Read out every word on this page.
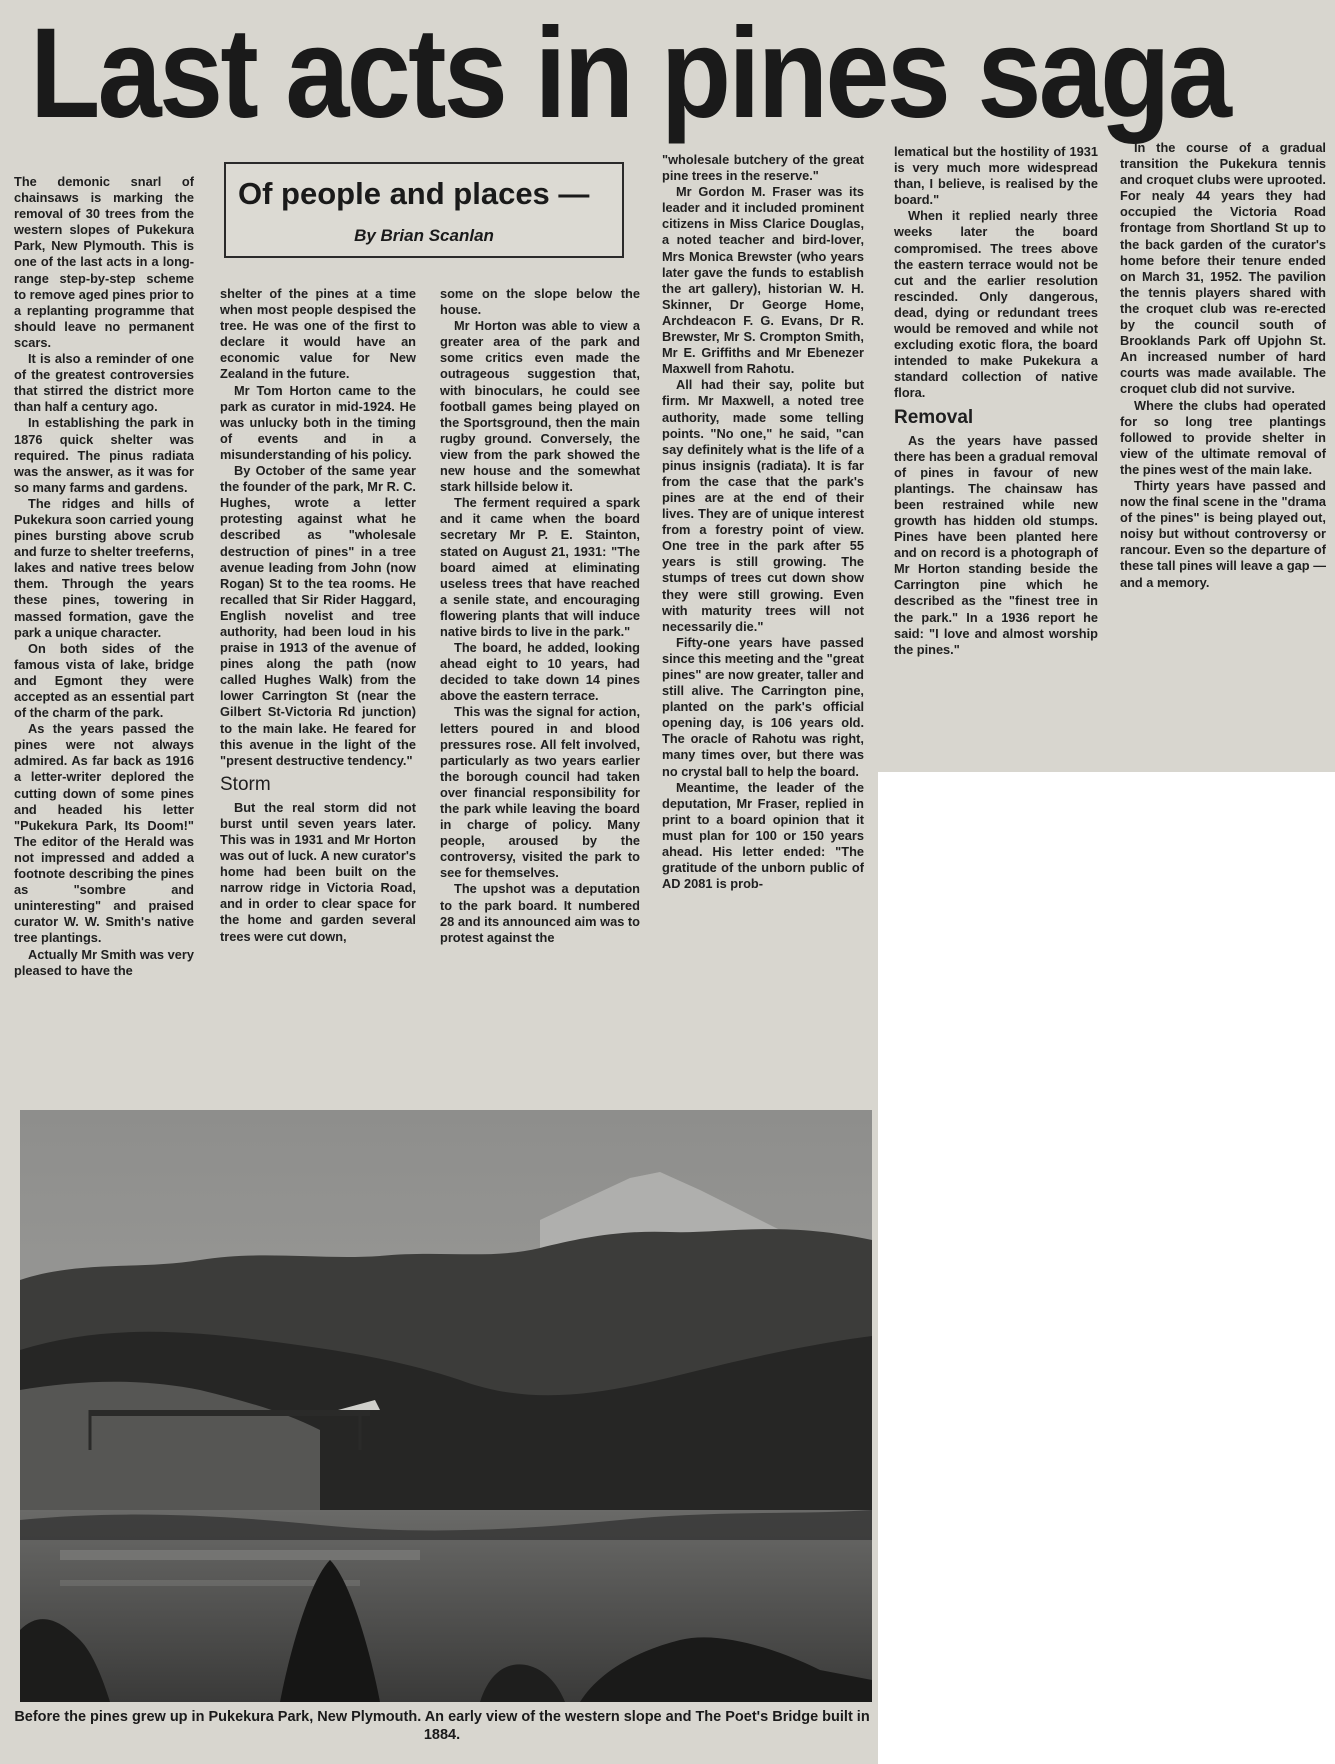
Last acts in pines saga
Of people and places —
By Brian Scanlan

The demonic snarl of chainsaws is marking the removal of 30 trees from the western slopes of Pukekura Park, New Plymouth. This is one of the last acts in a long-range step-by-step scheme to remove aged pines prior to a replanting programme that should leave no permanent scars.

It is also a reminder of one of the greatest controversies that stirred the district more than half a century ago.

In establishing the park in 1876 quick shelter was required. The pinus radiata was the answer, as it was for so many farms and gardens.

The ridges and hills of Pukekura soon carried young pines bursting above scrub and furze to shelter treeferns, lakes and native trees below them. Through the years these pines, towering in massed formation, gave the park a unique character.

On both sides of the famous vista of lake, bridge and Egmont they were accepted as an essential part of the charm of the park.

As the years passed the pines were not always admired. As far back as 1916 a letter-writer deplored the cutting down of some pines and headed his letter "Pukekura Park, Its Doom!" The editor of the Herald was not impressed and added a footnote describing the pines as "sombre and uninteresting" and praised curator W. W. Smith's native tree plantings.

Actually Mr Smith was very pleased to have the

shelter of the pines at a time when most people despised the tree. He was one of the first to declare it would have an economic value for New Zealand in the future.

Mr Tom Horton came to the park as curator in mid-1924. He was unlucky both in the timing of events and in a misunderstanding of his policy.

By October of the same year the founder of the park, Mr R. C. Hughes, wrote a letter protesting against what he described as "wholesale destruction of pines" in a tree avenue leading from John (now Rogan) St to the tea rooms. He recalled that Sir Rider Haggard, English novelist and tree authority, had been loud in his praise in 1913 of the avenue of pines along the path (now called Hughes Walk) from the lower Carrington St (near the Gilbert St-Victoria Rd junction) to the main lake. He feared for this avenue in the light of the "present destructive tendency."

Storm

But the real storm did not burst until seven years later. This was in 1931 and Mr Horton was out of luck. A new curator's home had been built on the narrow ridge in Victoria Road, and in order to clear space for the home and garden several trees were cut down,

some on the slope below the house.

Mr Horton was able to view a greater area of the park and some critics even made the outrageous suggestion that, with binoculars, he could see football games being played on the Sportsground, then the main rugby ground. Conversely, the view from the park showed the new house and the somewhat stark hillside below it.

The ferment required a spark and it came when the board secretary Mr P. E. Stainton, stated on August 21, 1931: "The board aimed at eliminating useless trees that have reached a senile state, and encouraging flowering plants that will induce native birds to live in the park."

The board, he added, looking ahead eight to 10 years, had decided to take down 14 pines above the eastern terrace.

This was the signal for action, letters poured in and blood pressures rose. All felt involved, particularly as two years earlier the borough council had taken over financial responsibility for the park while leaving the board in charge of policy. Many people, aroused by the controversy, visited the park to see for themselves.

The upshot was a deputation to the park board. It numbered 28 and its announced aim was to protest against the

"wholesale butchery of the great pine trees in the reserve."

Mr Gordon M. Fraser was its leader and it included prominent citizens in Miss Clarice Douglas, a noted teacher and bird-lover, Mrs Monica Brewster (who years later gave the funds to establish the art gallery), historian W. H. Skinner, Dr George Home, Archdeacon F. G. Evans, Dr R. Brewster, Mr S. Crompton Smith, Mr E. Griffiths and Mr Ebenezer Maxwell from Rahotu.

All had their say, polite but firm. Mr Maxwell, a noted tree authority, made some telling points. "No one," he said, "can say definitely what is the life of a pinus insignis (radiata). It is far from the case that the park's pines are at the end of their lives. They are of unique interest from a forestry point of view. One tree in the park after 55 years is still growing. The stumps of trees cut down show they were still growing. Even with maturity trees will not necessarily die."

Fifty-one years have passed since this meeting and the "great pines" are now greater, taller and still alive. The Carrington pine, planted on the park's official opening day, is 106 years old. The oracle of Rahotu was right, many times over, but there was no crystal ball to help the board.

Meantime, the leader of the deputation, Mr Fraser, replied in print to a board opinion that it must plan for 100 or 150 years ahead. His letter ended: "The gratitude of the unborn public of AD 2081 is prob-

lematical but the hostility of 1931 is very much more widespread than, I believe, is realised by the board."

When it replied nearly three weeks later the board compromised. The trees above the eastern terrace would not be cut and the earlier resolution rescinded. Only dangerous, dead, dying or redundant trees would be removed and while not excluding exotic flora, the board intended to make Pukekura a standard collection of native flora.

Removal

As the years have passed there has been a gradual removal of pines in favour of new plantings. The chainsaw has been restrained while new growth has hidden old stumps. Pines have been planted here and on record is a photograph of Mr Horton standing beside the Carrington pine which he described as the "finest tree in the park." In a 1936 report he said: "I love and almost worship the pines."

In the course of a gradual transition the Pukekura tennis and croquet clubs were uprooted. For nealy 44 years they had occupied the Victoria Road frontage from Shortland St up to the back garden of the curator's home before their tenure ended on March 31, 1952. The pavilion the tennis players shared with the croquet club was re-erected by the council south of Brooklands Park off Upjohn St. An increased number of hard courts was made available. The croquet club did not survive.

Where the clubs had operated for so long tree plantings followed to provide shelter in view of the ultimate removal of the pines west of the main lake.

Thirty years have passed and now the final scene in the "drama of the pines" is being played out, noisy but without controversy or rancour. Even so the departure of these tall pines will leave a gap — and a memory.

Before the pines grew up in Pukekura Park, New Plymouth. An early view of the western slope and The Poet's Bridge built in 1884.
